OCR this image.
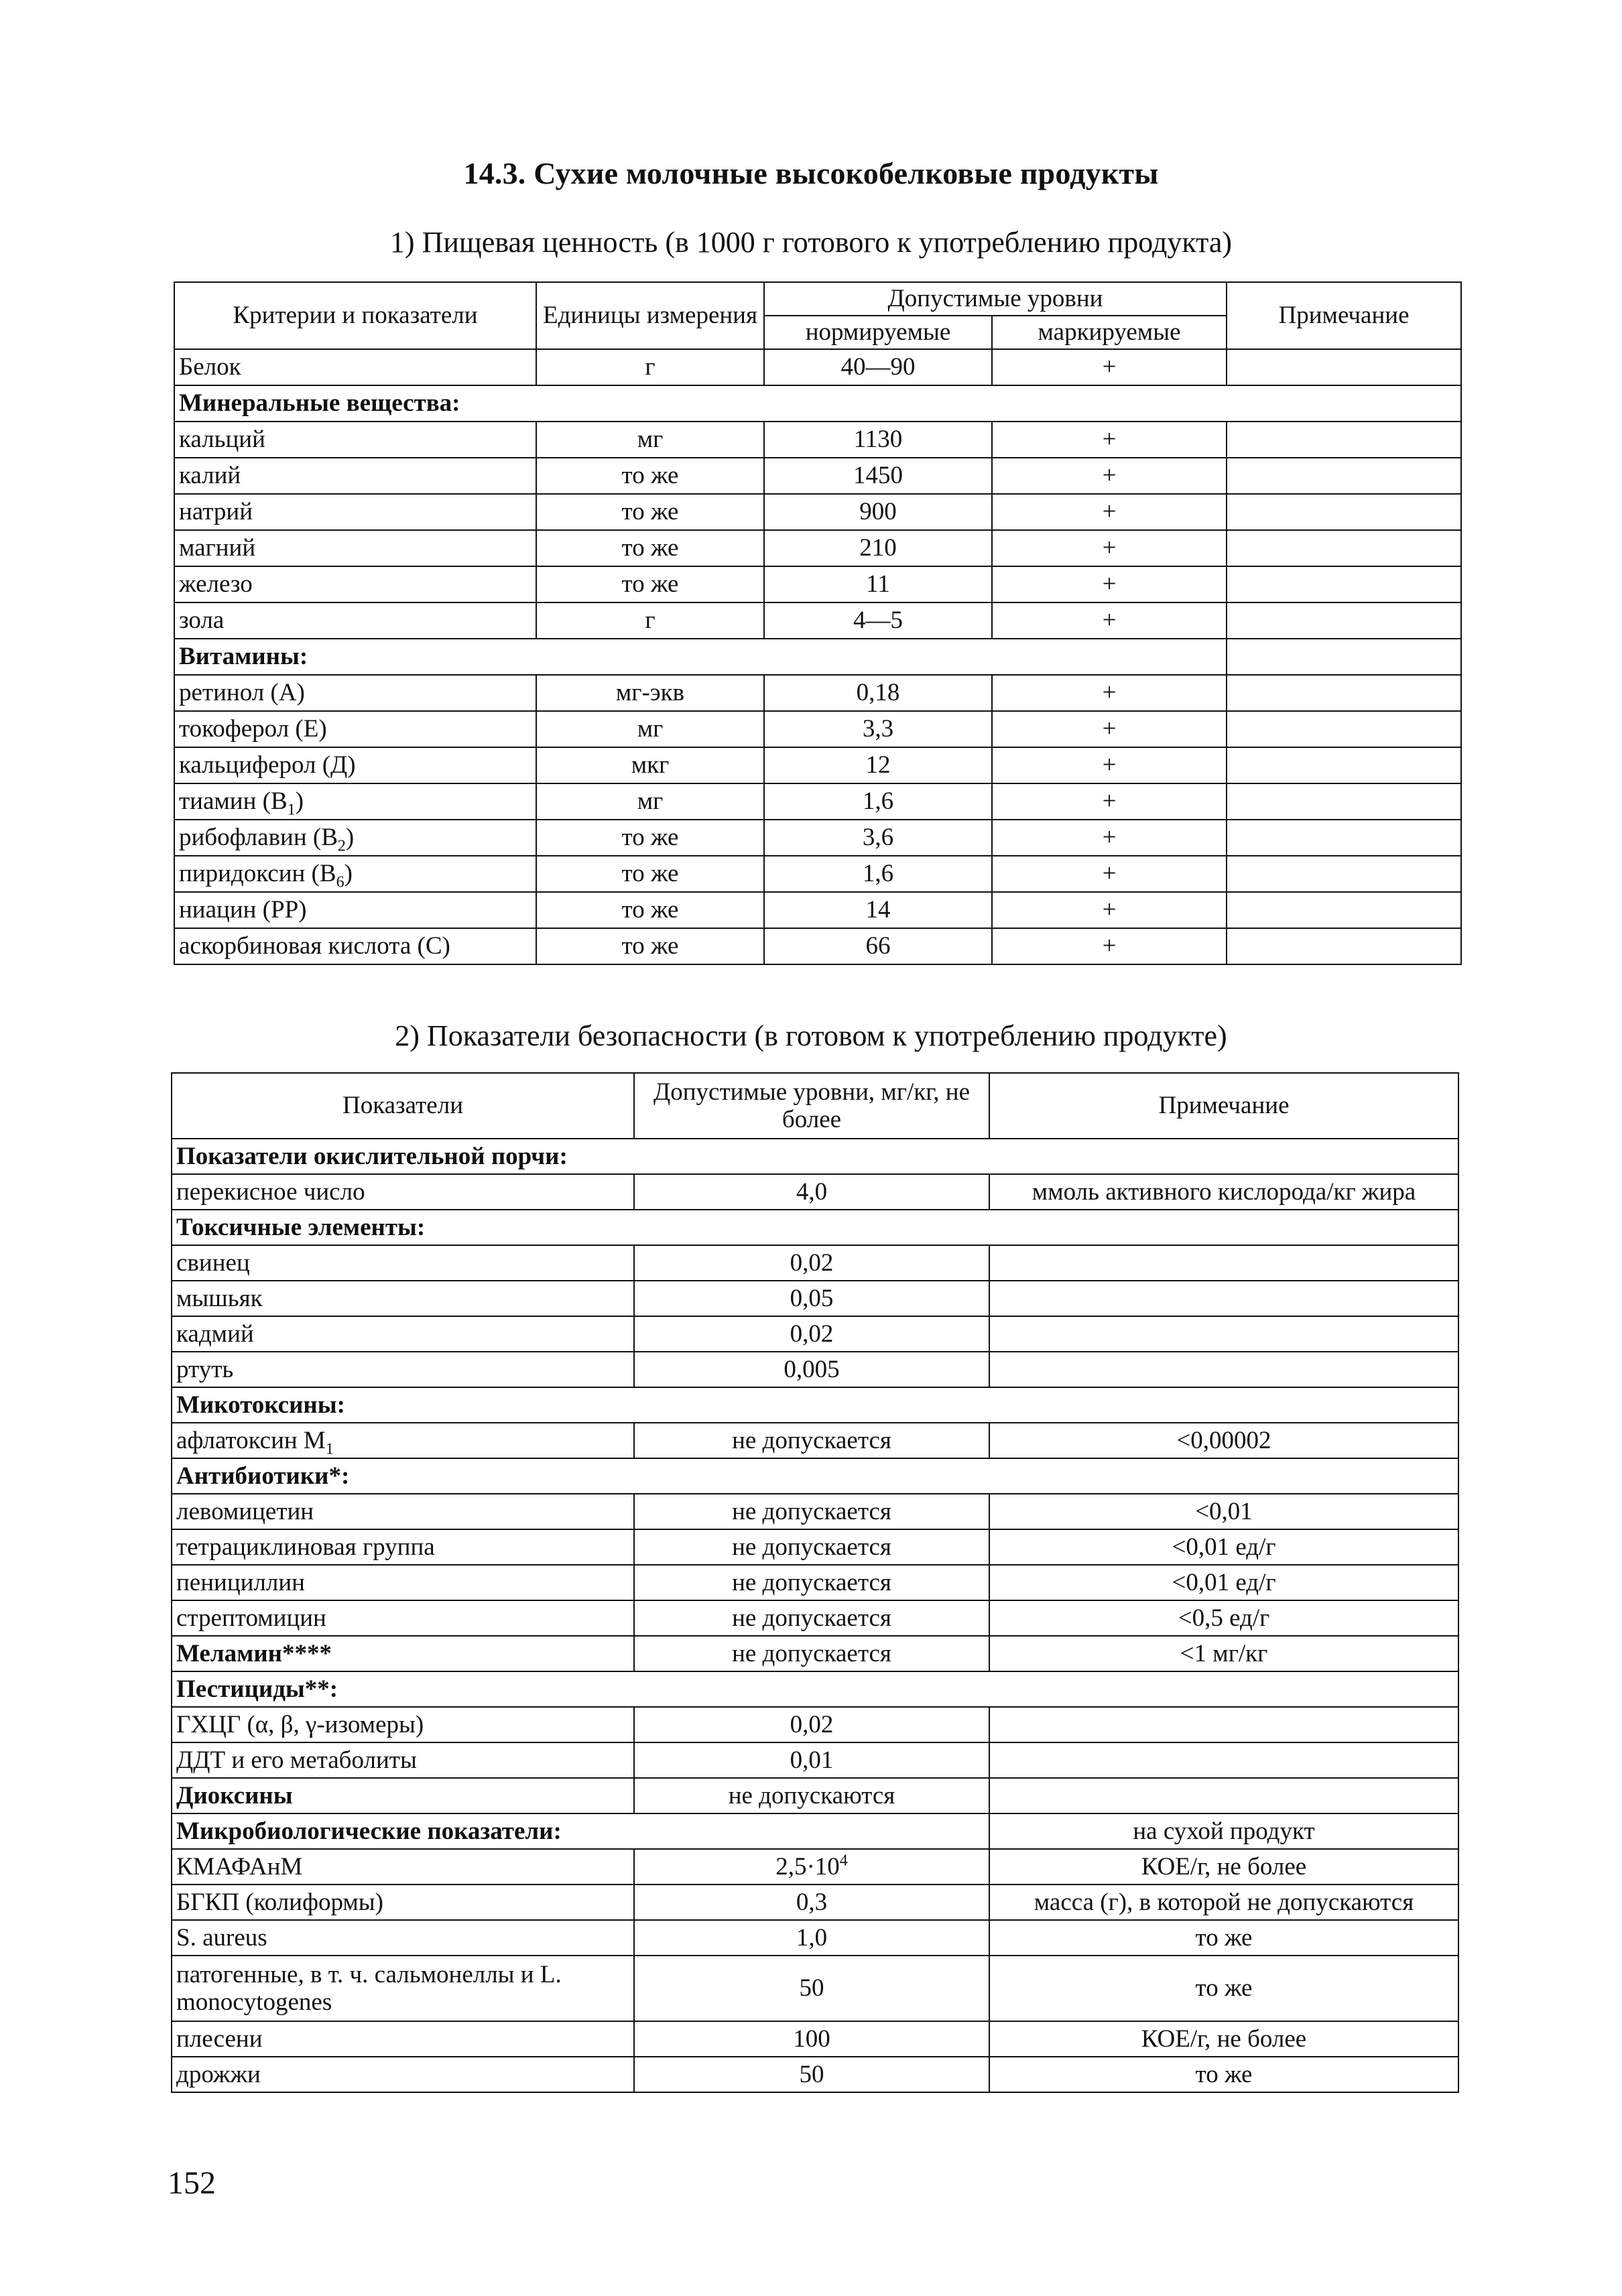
14.3. Сухие молочные высокобелковые продукты
1) Пищевая ценность (в 1000 г готового к употреблению продукта)
Критерии и показатели	Единицы измерения	Допустимые уровни		Примечание
		нормируемые	маркируемые	
Белок	г	40—90	+	
Минеральные вещества:				
кальций	мг	1130	+	
калий	то же	1450	+	
натрий	то же	900	+	
магний	то же	210	+	
железо	то же	11	+	
зола	г	4—5	+	
Витамины:				
ретинол (А)	мг-экв	0,18	+	
токоферол (Е)	мг	3,3	+	
кальциферол (Д)	мкг	12	+	
тиамин $(B_1)$	мг	1,6	+	
рибофлавин $(B_2)$	то же	3,6	+	
пиридоксин $(B_6)$	то же	1,6	+	
ниацин (PP)	то же	14	+	
аскорбиновая кислота (С)	то же	66	+	
2) Показатели безопасности (в готовом к употреблению продукте)
Показатели	Допустимые уровни, мг/кг, не более	Примечание
Показатели окислительной порчи:		
перекисное число	4,0	ммоль активного кислорода/кг жира
Токсичные элементы:		
свинец	0,02	
мышьяк	0,05	
кадмий	0,02	
ртуть	0,005	
Микотоксины:		
афлатоксин $М_1$	не допускается	<0,00002
Антибиотики*:		
левомицетин	не допускается	<0,01
тетрациклиновая группа	не допускается	<0,01 ед/г
пенициллин	не допускается	<0,01 ед/г
стрептомицин	не допускается	<0,5 ед/г
Меламин****	не допускается	<1 мг/кг
Пестициды**:		
ГХЦГ (α, β, γ-изомеры)	0,02	
ДДТ и его метаболиты	0,01	
Диоксины	не допускаются	
Микробиологические показатели:		на сухой продукт
КМАФАнМ	$2,5\cdot 10^4$	КОЕ/г, не более
БГКП (колиформы)	0,3	масса (г), в которой не допускаются
S. aureus	1,0	то же
патогенные, в т. ч. сальмонеллы и L. monocytogenes	50	то же
плесени	100	КОЕ/г, не более
дрожжи	50	то же
152
